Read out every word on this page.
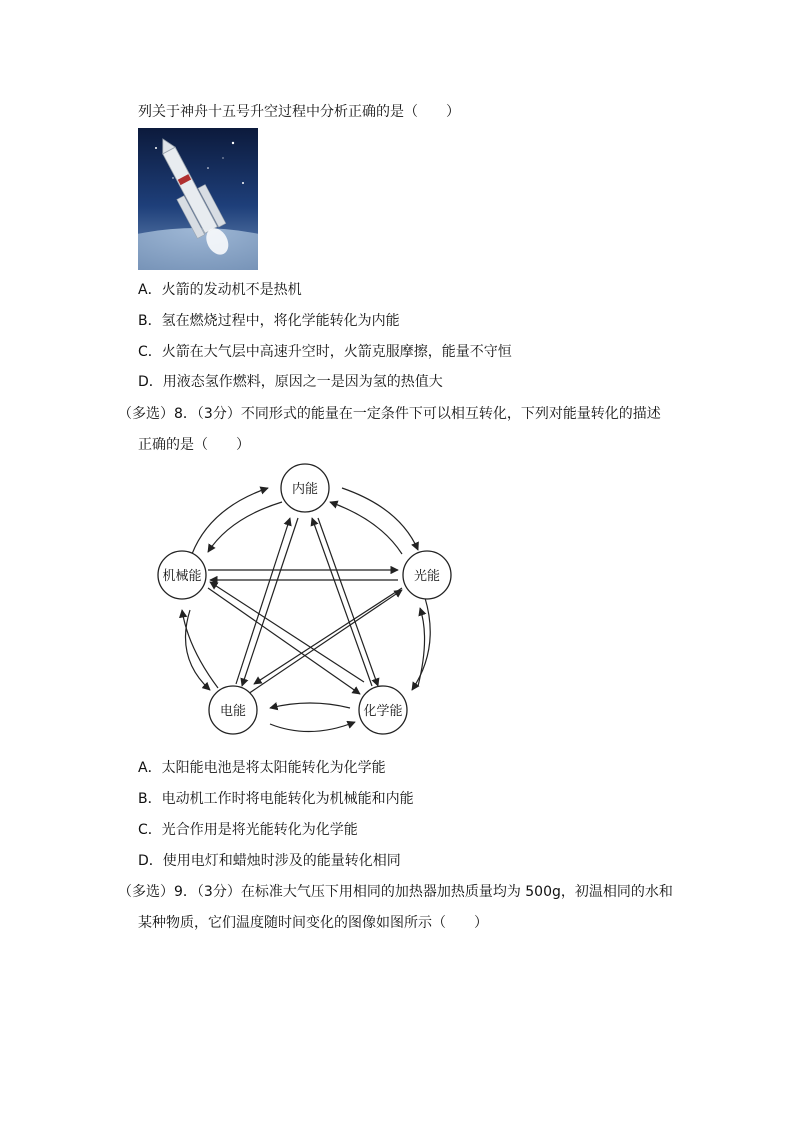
列关于神舟十五号升空过程中分析正确的是（　　）
A．火箭的发动机不是热机
B．氢在燃烧过程中，将化学能转化为内能
C．火箭在大气层中高速升空时，火箭克服摩擦，能量不守恒
D．用液态氢作燃料，原因之一是因为氢的热值大
（多选）8．（3分）不同形式的能量在一定条件下可以相互转化，下列对能量转化的描述
正确的是（　　）
内能
机械能	光能
电能	化学能
A．太阳能电池是将太阳能转化为化学能
B．电动机工作时将电能转化为机械能和内能
C．光合作用是将光能转化为化学能
D．使用电灯和蜡烛时涉及的能量转化相同
（多选）9．（3分）在标准大气压下用相同的加热器加热质量均为 500g，初温相同的水和
某种物质，它们温度随时间变化的图像如图所示（　　）
